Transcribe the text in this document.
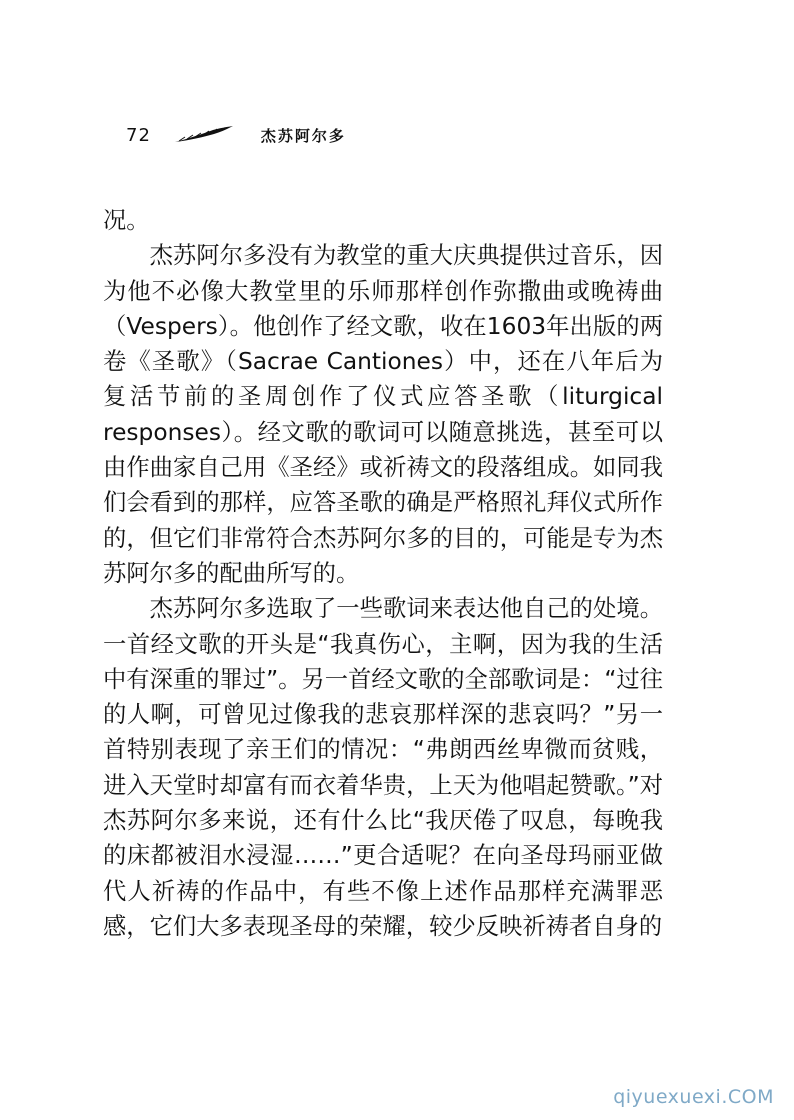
72	杰苏阿尔多

况。

杰苏阿尔多没有为教堂的重大庆典提供过音乐，因为他不必像大教堂里的乐师那样创作弥撒曲或晚祷曲（Vespers）。他创作了经文歌，收在1603年出版的两卷《圣歌》（Sacrae Cantiones）中，还在八年后为复活节前的圣周创作了仪式应答圣歌（liturgical responses）。经文歌的歌词可以随意挑选，甚至可以由作曲家自己用《圣经》或祈祷文的段落组成。如同我们会看到的那样，应答圣歌的确是严格照礼拜仪式所作的，但它们非常符合杰苏阿尔多的目的，可能是专为杰苏阿尔多的配曲所写的。

杰苏阿尔多选取了一些歌词来表达他自己的处境。一首经文歌的开头是“我真伤心，主啊，因为我的生活中有深重的罪过”。另一首经文歌的全部歌词是：“过往的人啊，可曾见过像我的悲哀那样深的悲哀吗？”另一首特别表现了亲王们的情况：“弗朗西丝卑微而贫贱，进入天堂时却富有而衣着华贵，上天为他唱起赞歌。”对杰苏阿尔多来说，还有什么比“我厌倦了叹息，每晚我的床都被泪水浸湿……”更合适呢？在向圣母玛丽亚做代人祈祷的作品中，有些不像上述作品那样充满罪恶感，它们大多表现圣母的荣耀，较少反映祈祷者自身的

qiyuexuexi.COM
